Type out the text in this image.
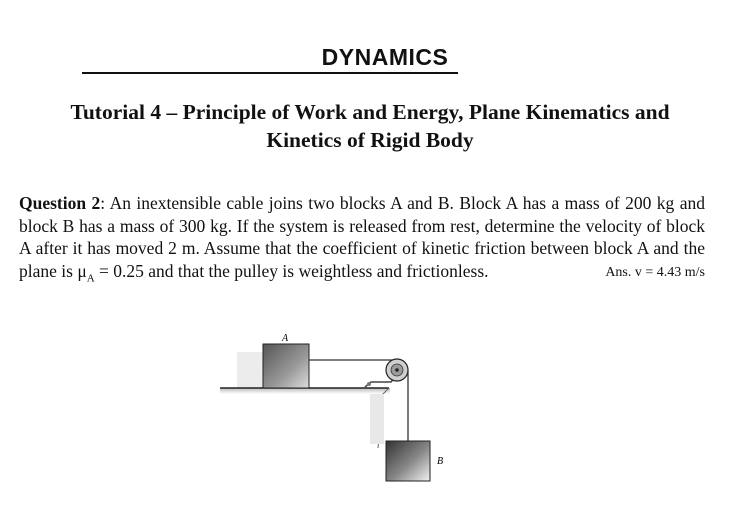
DYNAMICS
Tutorial 4 – Principle of Work and Energy, Plane Kinematics and
Kinetics of Rigid Body
Question 2: An inextensible cable joins two blocks A and B. Block A has a mass of 200 kg and block B has a mass of 300 kg. If the system is released from rest, determine the velocity of block A after it has moved 2 m. Assume that the coefficient of kinetic friction between block A and the plane is $\mu_A = 0.25$ and that the pulley is weightless and frictionless.	Ans. v = 4.43 m/s
A
B
